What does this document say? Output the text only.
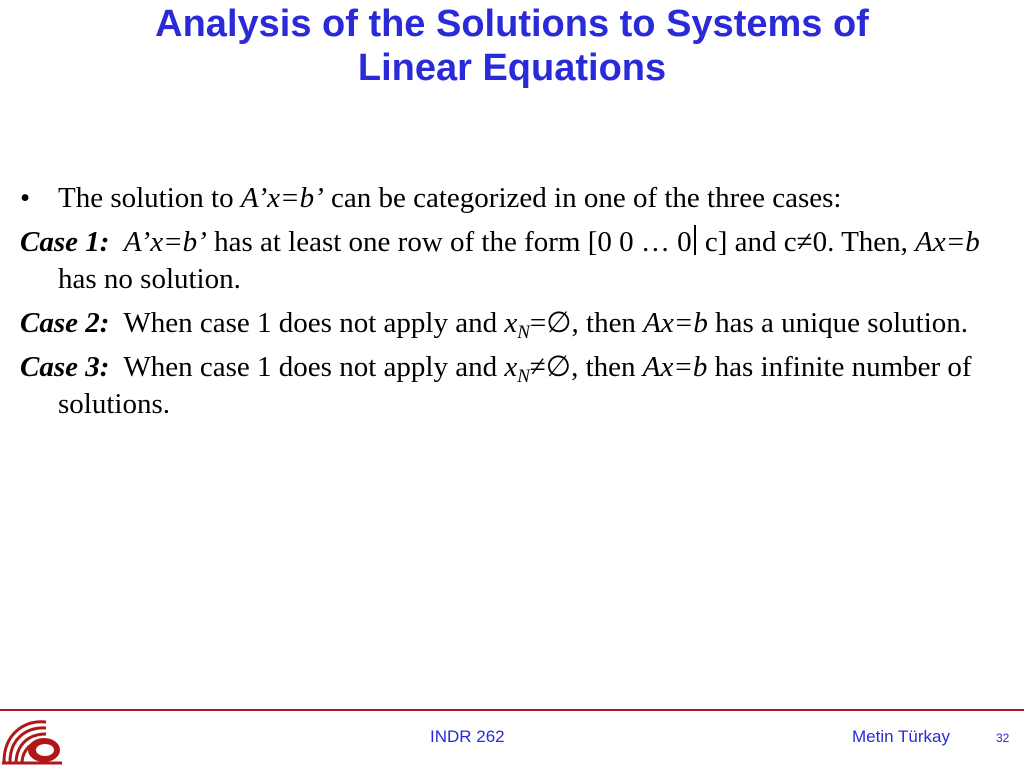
Analysis of the Solutions to Systems of
Linear Equations

• The solution to A’x=b’ can be categorized in one of the three cases:

Case 1: A’x=b’ has at least one row of the form [0 0 … 0 c] and c≠0. Then, Ax=b has no solution.

Case 2: When case 1 does not apply and $x_N=\emptyset$, then Ax=b has a unique solution.

Case 3: When case 1 does not apply and $x_N\ne\emptyset$, then Ax=b has infinite number of solutions.

INDR 262	Metin Türkay	32
